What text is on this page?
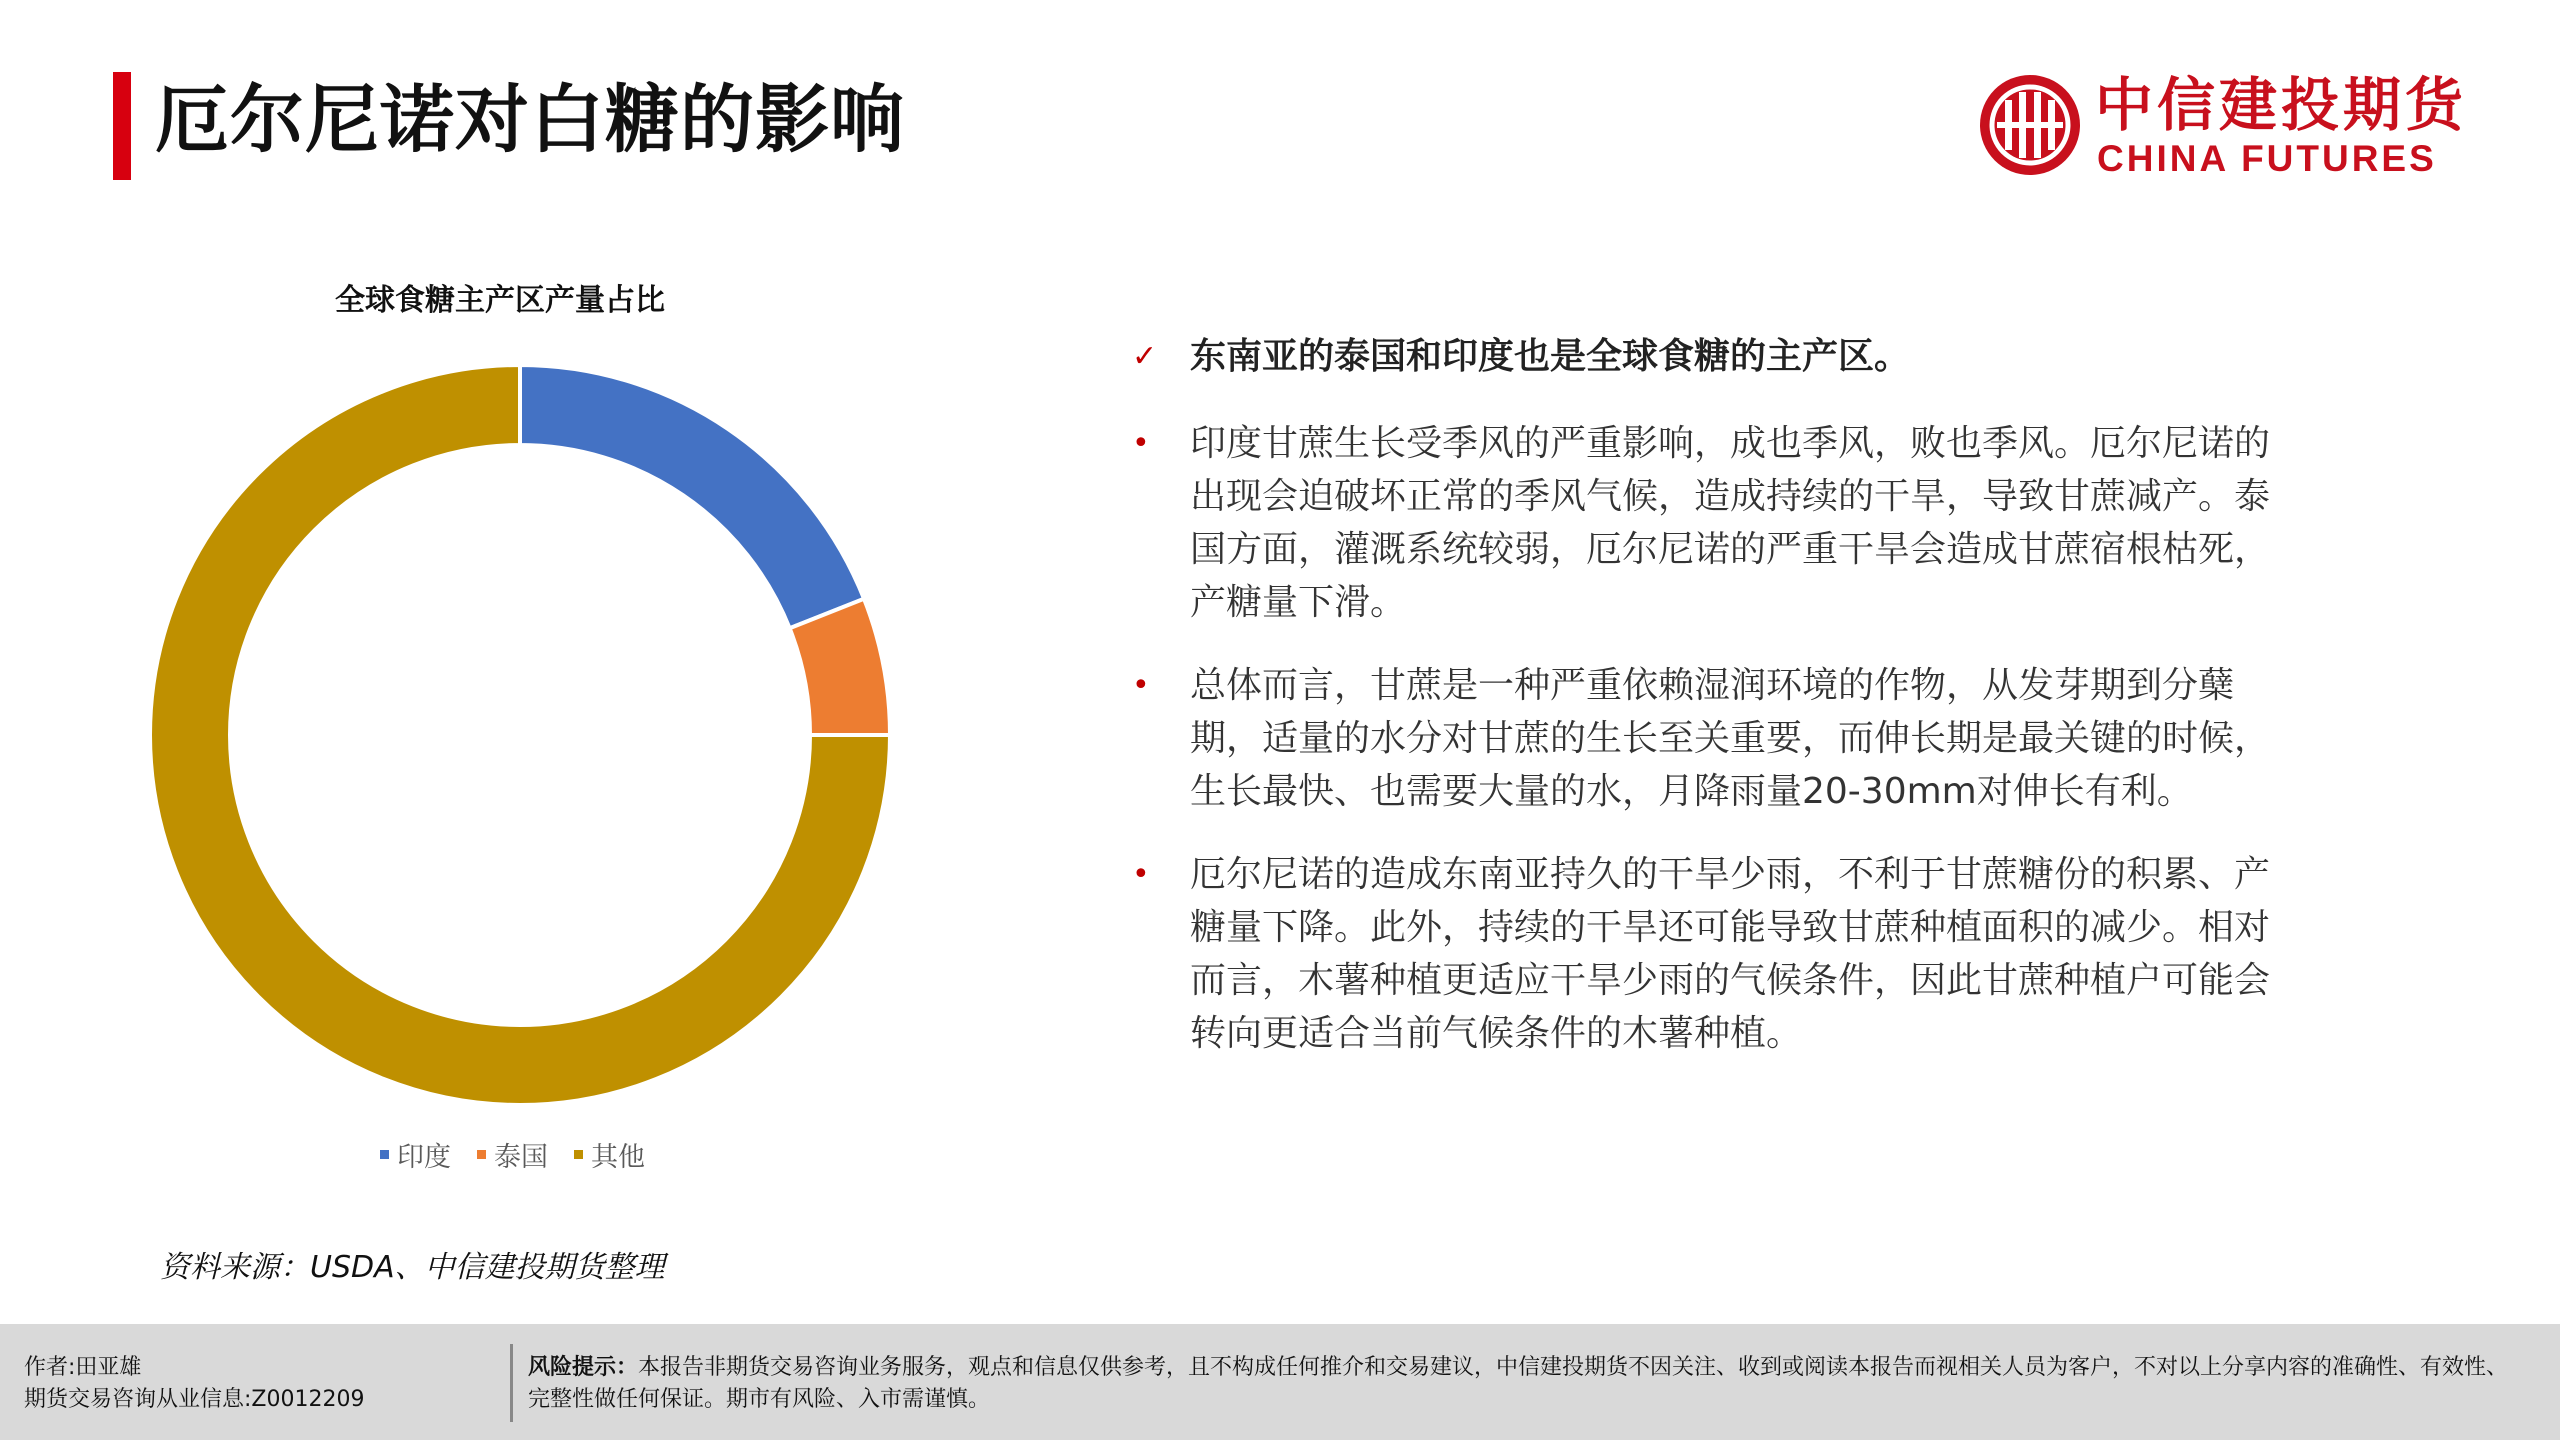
厄尔尼诺对白糖的影响	中信建投期货
CHINA FUTURES
全球食糖主产区产量占比
印度 泰国 其他
资料来源：USDA、中信建投期货整理
✓ 东南亚的泰国和印度也是全球食糖的主产区。
• 印度甘蔗生长受季风的严重影响，成也季风，败也季风。厄尔尼诺的出现会迫破坏正常的季风气候，造成持续的干旱，导致甘蔗减产。泰国方面，灌溉系统较弱，厄尔尼诺的严重干旱会造成甘蔗宿根枯死，产糖量下滑。
• 总体而言，甘蔗是一种严重依赖湿润环境的作物，从发芽期到分蘖期，适量的水分对甘蔗的生长至关重要，而伸长期是最关键的时候，生长最快、也需要大量的水，月降雨量20-30mm对伸长有利。
• 厄尔尼诺的造成东南亚持久的干旱少雨，不利于甘蔗糖份的积累、产糖量下降。此外，持续的干旱还可能导致甘蔗种植面积的减少。相对而言，木薯种植更适应干旱少雨的气候条件，因此甘蔗种植户可能会转向更适合当前气候条件的木薯种植。
作者:田亚雄
期货交易咨询从业信息:Z0012209
风险提示：本报告非期货交易咨询业务服务，观点和信息仅供参考，且不构成任何推介和交易建议，中信建投期货不因关注、收到或阅读本报告而视相关人员为客户，不对以上分享内容的准确性、有效性、完整性做任何保证。期市有风险、入市需谨慎。
